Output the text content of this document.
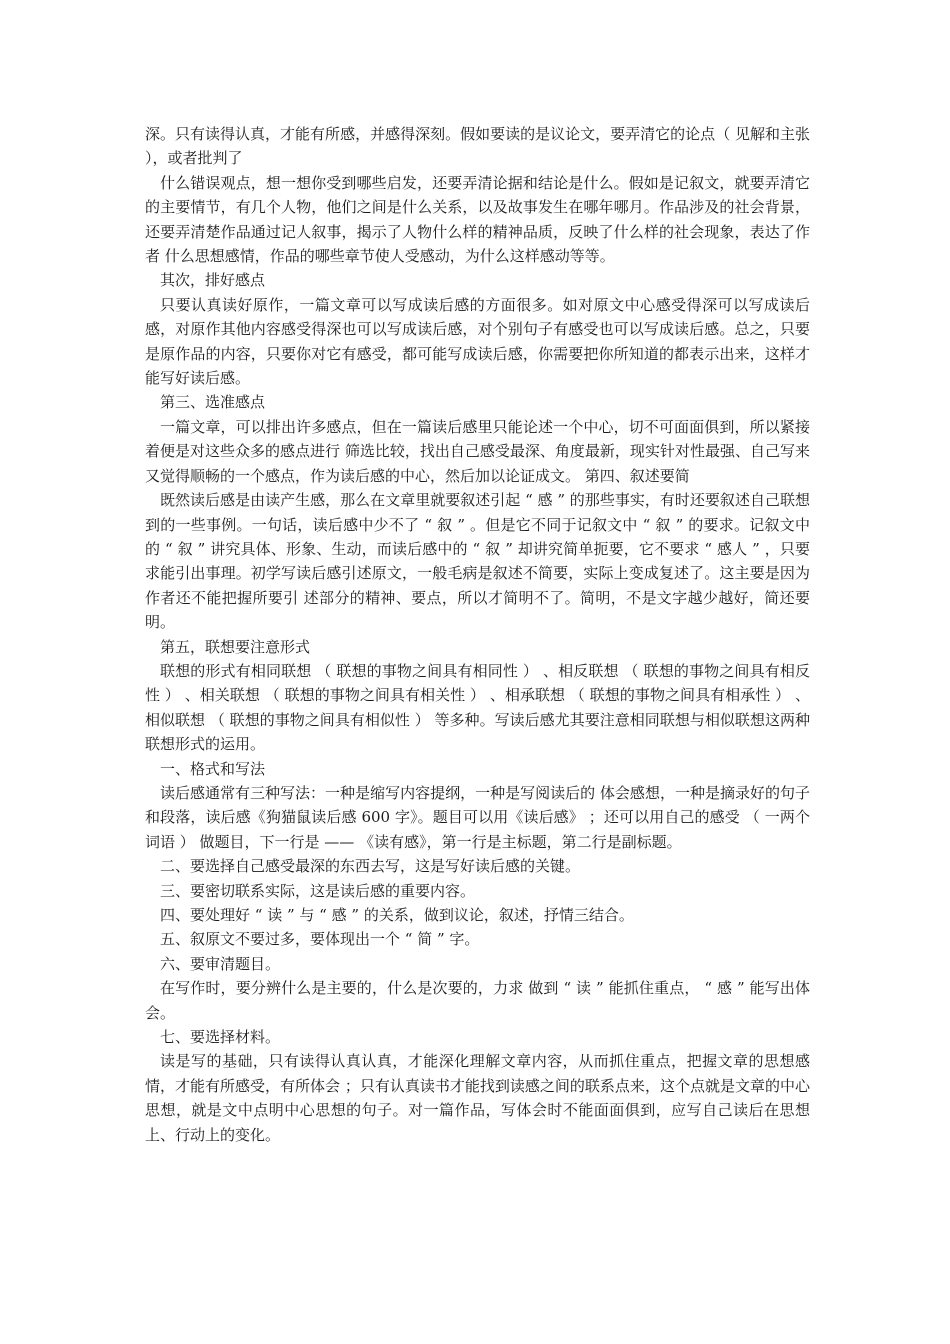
深。只有读得认真，才能有所感，并感得深刻。假如要读的是议论文，要弄清它的论点（ 见解和主张 ），或者批判了

什么错误观点，想一想你受到哪些启发，还要弄清论据和结论是什么。假如是记叙文，就要弄清它的主要情节，有几个人物，他们之间是什么关系，以及故事发生在哪年哪月。作品涉及的社会背景，还要弄清楚作品通过记人叙事，揭示了人物什么样的精神品质，反映了什么样的社会现象，表达了作者 什么思想感情，作品的哪些章节使人受感动，为什么这样感动等等。

其次，排好感点

只要认真读好原作，一篇文章可以写成读后感的方面很多。如对原文中心感受得深可以写成读后感，对原作其他内容感受得深也可以写成读后感，对个别句子有感受也可以写成读后感。总之，只要是原作品的内容，只要你对它有感受，都可能写成读后感，你需要把你所知道的都表示出来，这样才能写好读后感。

第三、选准感点

一篇文章，可以排出许多感点，但在一篇读后感里只能论述一个中心，切不可面面俱到，所以紧接着便是对这些众多的感点进行 筛选比较，找出自己感受最深、角度最新，现实针对性最强、自己写来又觉得顺畅的一个感点，作为读后感的中心，然后加以论证成文。 第四、叙述要简

既然读后感是由读产生感，那么在文章里就要叙述引起 “ 感 ” 的那些事实，有时还要叙述自己联想到的一些事例。一句话，读后感中少不了 “ 叙 ” 。但是它不同于记叙文中 “ 叙 ” 的要求。记叙文中的 “ 叙 ” 讲究具体、形象、生动，而读后感中的 “ 叙 ” 却讲究简单扼要，它不要求 “ 感人 ” ，只要求能引出事理。初学写读后感引述原文，一般毛病是叙述不简要，实际上变成复述了。这主要是因为作者还不能把握所要引 述部分的精神、要点，所以才简明不了。简明，不是文字越少越好，简还要明。

第五，联想要注意形式

联想的形式有相同联想 （ 联想的事物之间具有相同性 ） 、相反联想 （ 联想的事物之间具有相反性 ） 、相关联想 （ 联想的事物之间具有相关性 ） 、相承联想 （ 联想的事物之间具有相承性 ） 、相似联想 （ 联想的事物之间具有相似性 ） 等多种。写读后感尤其要注意相同联想与相似联想这两种联想形式的运用。

一、格式和写法

读后感通常有三种写法：一种是缩写内容提纲，一种是写阅读后的 体会感想，一种是摘录好的句子和段落，读后感《狗猫鼠读后感 600 字》。题目可以用《读后感》 ；还可以用自己的感受 （ 一两个词语 ） 做题目，下一行是 —— 《读有感》，第一行是主标题，第二行是副标题。

二、要选择自己感受最深的东西去写，这是写好读后感的关键。

三、要密切联系实际，这是读后感的重要内容。

四、要处理好 “ 读 ” 与 “ 感 ” 的关系，做到议论，叙述，抒情三结合。

五、叙原文不要过多，要体现出一个 “ 简 ” 字。

六、要审清题目。

在写作时，要分辨什么是主要的，什么是次要的，力求 做到 “ 读 ” 能抓住重点， “ 感 ” 能写出体会。

七、要选择材料。

读是写的基础，只有读得认真认真，才能深化理解文章内容，从而抓住重点，把握文章的思想感情，才能有所感受，有所体会 ；只有认真读书才能找到读感之间的联系点来，这个点就是文章的中心思想，就是文中点明中心思想的句子。对一篇作品，写体会时不能面面俱到，应写自己读后在思想上、行动上的变化。
